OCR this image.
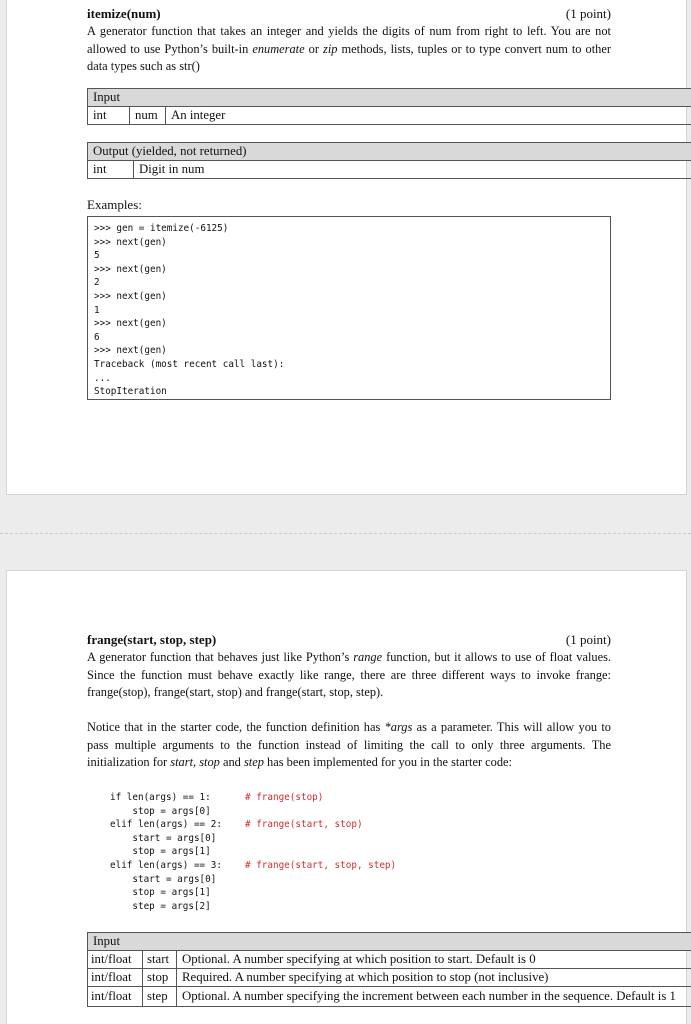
itemize(num)	(1 point)

A generator function that takes an integer and yields the digits of num from right to left. You are not allowed to use Python’s built-in enumerate or zip methods, lists, tuples or to type convert num to other data types such as str()

Input
int	num	An integer
Output (yielded, not returned)
int	Digit in num
Examples:
>>> gen = itemize(-6125)
>>> next(gen)
5
>>> next(gen)
2
>>> next(gen)
1
>>> next(gen)
6
>>> next(gen)
Traceback (most recent call last):
...
StopIteration
frange(start, stop, step)	(1 point)

A generator function that behaves just like Python’s range function, but it allows to use of float values. Since the function must behave exactly like range, there are three different ways to invoke frange: frange(stop), frange(start, stop) and frange(start, stop, step).

Notice that in the starter code, the function definition has *args as a parameter. This will allow you to pass multiple arguments to the function instead of limiting the call to only three arguments. The initialization for start, stop and step has been implemented for you in the starter code:

if len(args) == 1:	# frange(stop)
stop = args[0]
elif len(args) == 2:	# frange(start, stop)
start = args[0]
stop = args[1]
elif len(args) == 3:	# frange(start, stop, step)
start = args[0]
stop = args[1]
step = args[2]
Input		
int/float	start	Optional. A number specifying at which position to start. Default is 0
int/float	stop	Required. A number specifying at which position to stop (not inclusive)
int/float	step	Optional. A number specifying the increment between each number in the sequence. Default is 1
